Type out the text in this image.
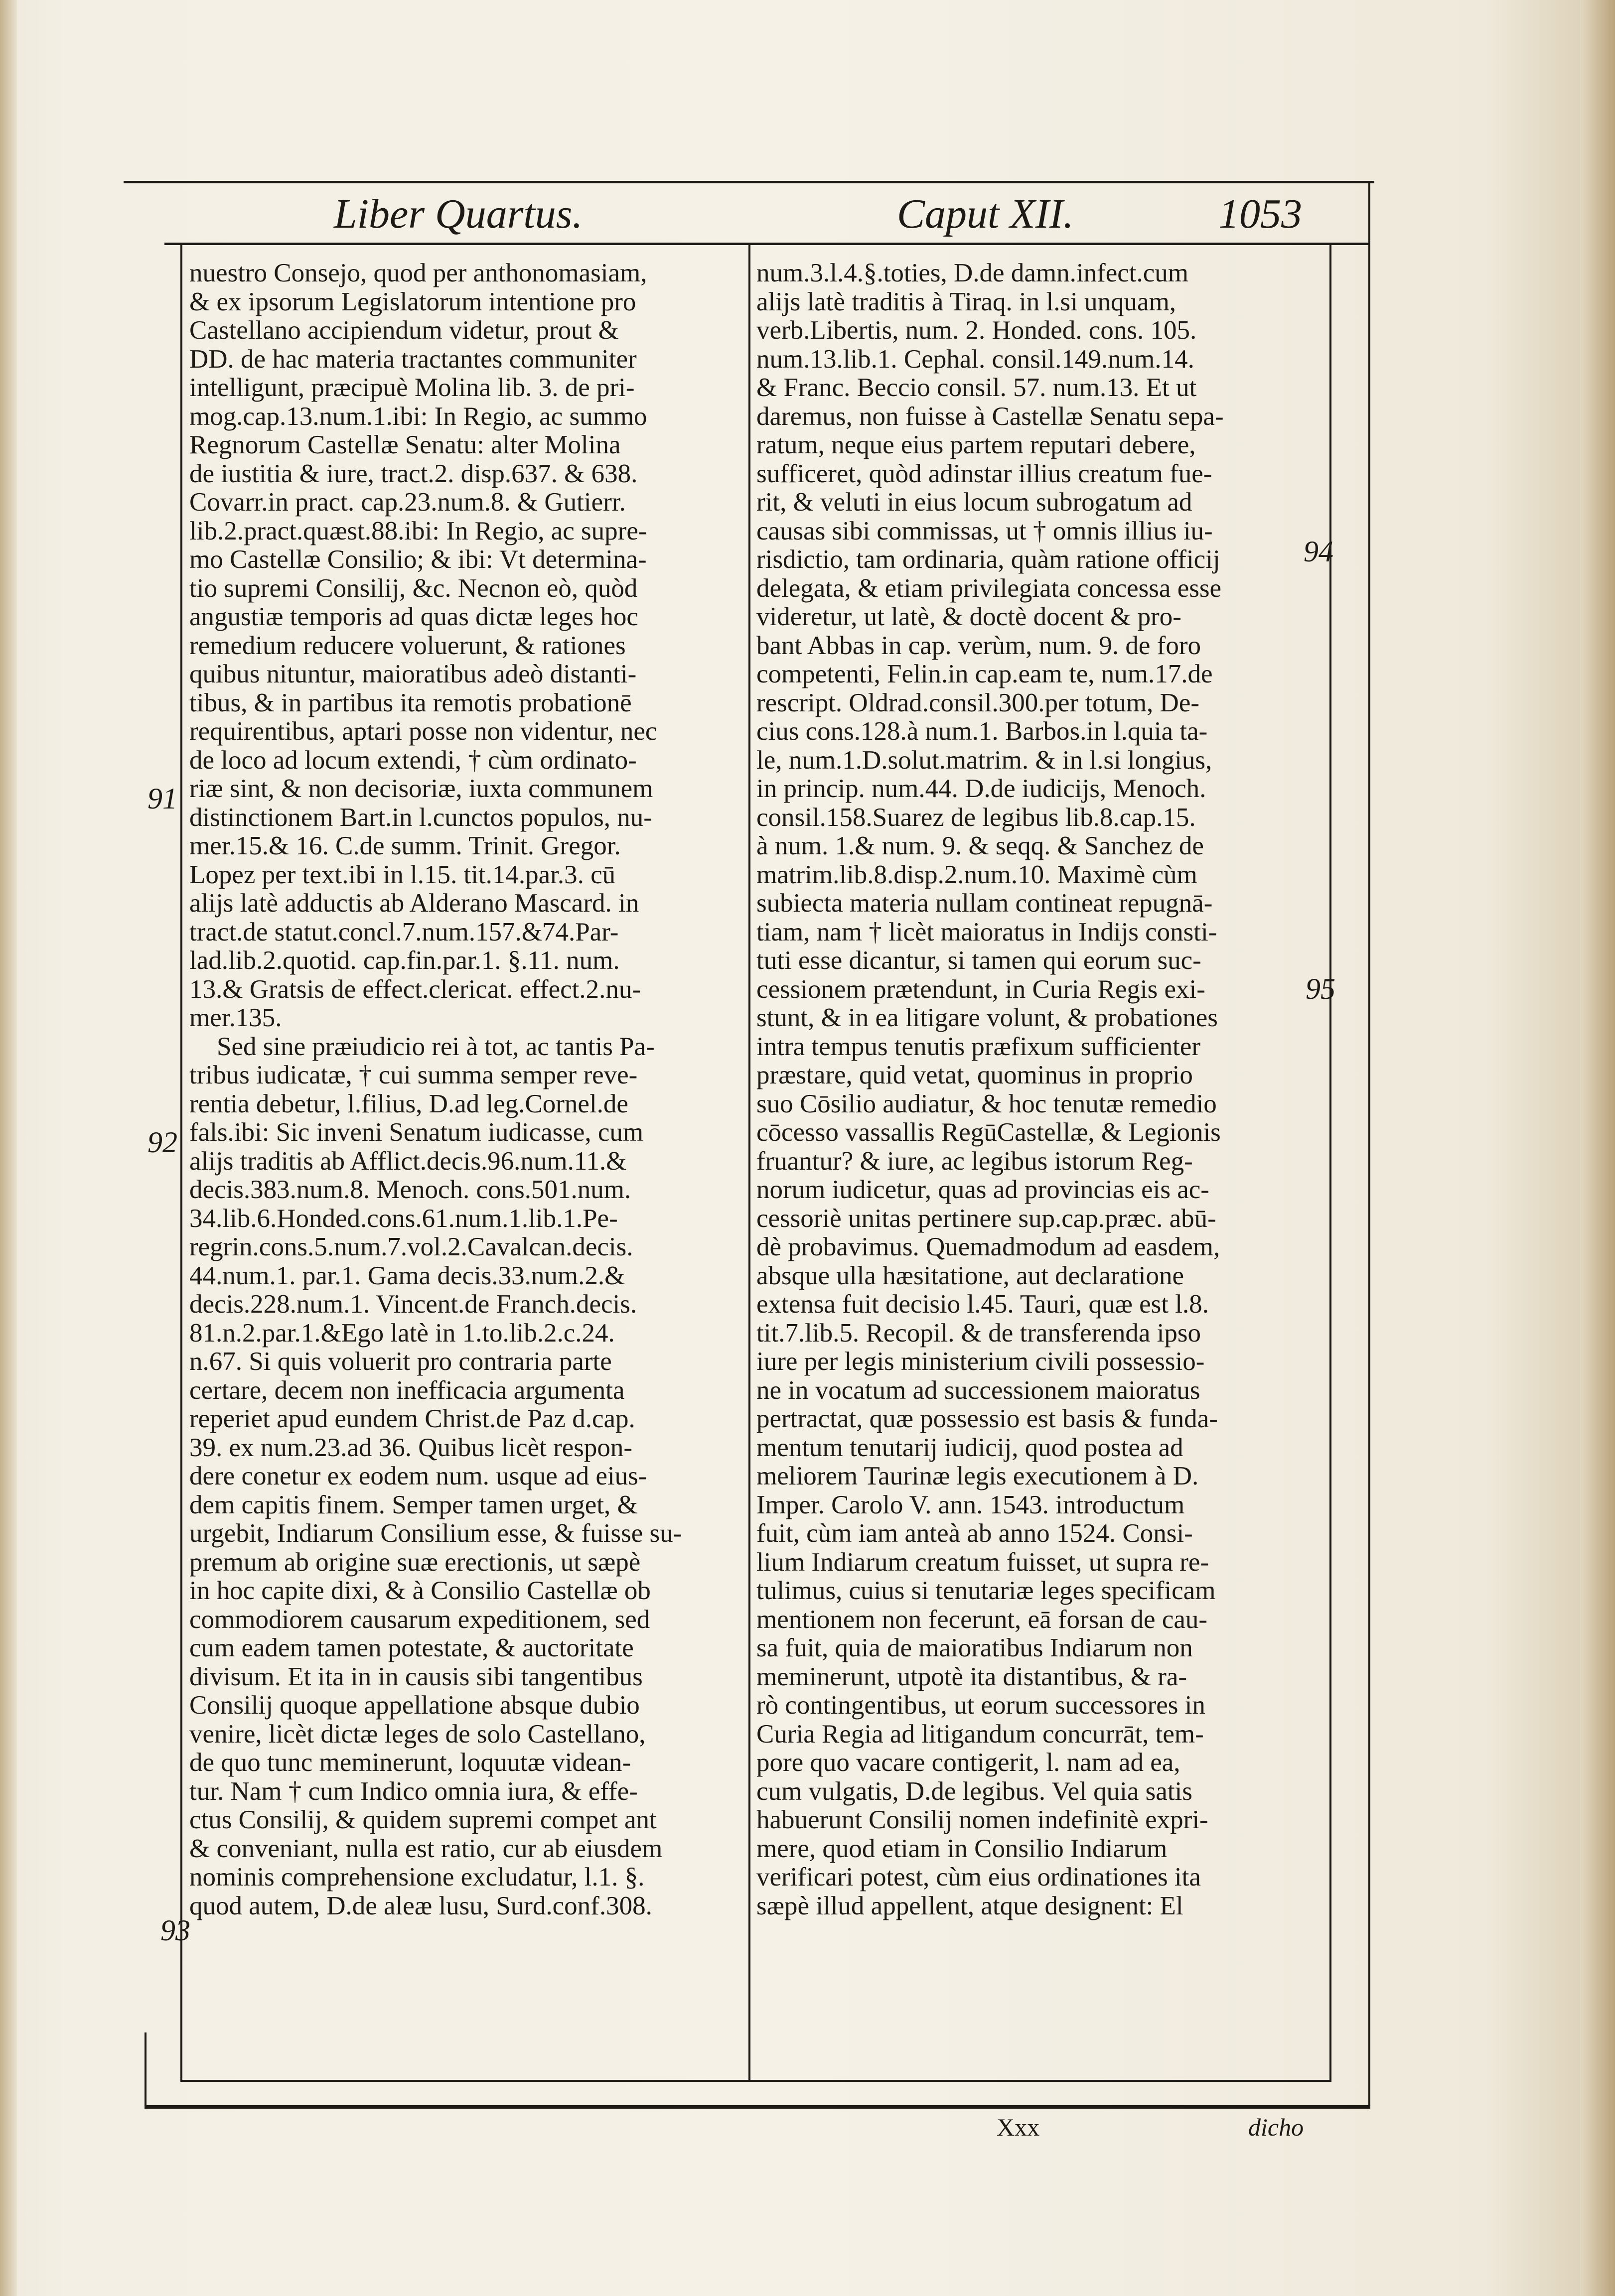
Liber Quartus.	Caput XII.	1053
nuestro Consejo, quod per anthonomasiam,
& ex ipsorum Legislatorum intentione pro
Castellano accipiendum videtur, prout &
DD. de hac materia tractantes communiter
intelligunt, præcipuè Molina lib. 3. de pri-
mog.cap.13.num.1.ibi: In Regio, ac summo
Regnorum Castellæ Senatu: alter Molina
de iustitia & iure, tract.2. disp.637. & 638.
Covarr.in pract. cap.23.num.8. & Gutierr.
lib.2.pract.quæst.88.ibi: In Regio, ac supre-
mo Castellæ Consilio; & ibi: Vt determina-
tio supremi Consilij, &c. Necnon eò, quòd
angustiæ temporis ad quas dictæ leges hoc
remedium reducere voluerunt, & rationes
quibus nituntur, maioratibus adeò distanti-
tibus, & in partibus ita remotis probationē
requirentibus, aptari posse non videntur, nec
de loco ad locum extendi, † cùm ordinato-
riæ sint, & non decisoriæ, iuxta communem
distinctionem Bart.in l.cunctos populos, nu-
mer.15.& 16. C.de summ. Trinit. Gregor.
Lopez per text.ibi in l.15. tit.14.par.3. cū
alijs latè adductis ab Alderano Mascard. in
tract.de statut.concl.7.num.157.&74.Par-
lad.lib.2.quotid. cap.fin.par.1. §.11. num.
13.& Gratsis de effect.clericat. effect.2.nu-
mer.135.
Sed sine præiudicio rei à tot, ac tantis Pa-
tribus iudicatæ, † cui summa semper reve-
rentia debetur, l.filius, D.ad leg.Cornel.de
fals.ibi: Sic inveni Senatum iudicasse, cum
alijs traditis ab Afflict.decis.96.num.11.&
decis.383.num.8. Menoch. cons.501.num.
34.lib.6.Honded.cons.61.num.1.lib.1.Pe-
regrin.cons.5.num.7.vol.2.Cavalcan.decis.
44.num.1. par.1. Gama decis.33.num.2.&
decis.228.num.1. Vincent.de Franch.decis.
81.n.2.par.1.&Ego latè in 1.to.lib.2.c.24.
n.67. Si quis voluerit pro contraria parte
certare, decem non inefficacia argumenta
reperiet apud eundem Christ.de Paz d.cap.
39. ex num.23.ad 36. Quibus licèt respon-
dere conetur ex eodem num. usque ad eius-
dem capitis finem. Semper tamen urget, &
urgebit, Indiarum Consilium esse, & fuisse su-
premum ab origine suæ erectionis, ut sæpè
in hoc capite dixi, & à Consilio Castellæ ob
commodiorem causarum expeditionem, sed
cum eadem tamen potestate, & auctoritate
divisum. Et ita in in causis sibi tangentibus
Consilij quoque appellatione absque dubio
venire, licèt dictæ leges de solo Castellano,
de quo tunc meminerunt, loquutæ videan-
tur. Nam † cum Indico omnia iura, & effe-
ctus Consilij, & quidem supremi compet ant
& conveniant, nulla est ratio, cur ab eiusdem
nominis comprehensione excludatur, l.1. §.
quod autem, D.de aleæ lusu, Surd.conf.308.
num.3.l.4.§.toties, D.de damn.infect.cum
alijs latè traditis à Tiraq. in l.si unquam,
verb.Libertis, num. 2. Honded. cons. 105.
num.13.lib.1. Cephal. consil.149.num.14.
& Franc. Beccio consil. 57. num.13. Et ut
daremus, non fuisse à Castellæ Senatu sepa-
ratum, neque eius partem reputari debere,
sufficeret, quòd adinstar illius creatum fue-
rit, & veluti in eius locum subrogatum ad
causas sibi commissas, ut † omnis illius iu-
risdictio, tam ordinaria, quàm ratione officij
delegata, & etiam privilegiata concessa esse
videretur, ut latè, & doctè docent & pro-
bant Abbas in cap. verùm, num. 9. de foro
competenti, Felin.in cap.eam te, num.17.de
rescript. Oldrad.consil.300.per totum, De-
cius cons.128.à num.1. Barbos.in l.quia ta-
le, num.1.D.solut.matrim. & in l.si longius,
in princip. num.44. D.de iudicijs, Menoch.
consil.158.Suarez de legibus lib.8.cap.15.
à num. 1.& num. 9. & seqq. & Sanchez de
matrim.lib.8.disp.2.num.10. Maximè cùm
subiecta materia nullam contineat repugnā-
tiam, nam † licèt maioratus in Indijs consti-
tuti esse dicantur, si tamen qui eorum suc-
cessionem prætendunt, in Curia Regis exi-
stunt, & in ea litigare volunt, & probationes
intra tempus tenutis præfixum sufficienter
præstare, quid vetat, quominus in proprio
suo Cōsilio audiatur, & hoc tenutæ remedio
cōcesso vassallis RegūCastellæ, & Legionis
fruantur? & iure, ac legibus istorum Reg-
norum iudicetur, quas ad provincias eis ac-
cessoriè unitas pertinere sup.cap.præc. abū-
dè probavimus. Quemadmodum ad easdem,
absque ulla hæsitatione, aut declaratione
extensa fuit decisio l.45. Tauri, quæ est l.8.
tit.7.lib.5. Recopil. & de transferenda ipso
iure per legis ministerium civili possessio-
ne in vocatum ad successionem maioratus
pertractat, quæ possessio est basis & funda-
mentum tenutarij iudicij, quod postea ad
meliorem Taurinæ legis executionem à D.
Imper. Carolo V. ann. 1543. introductum
fuit, cùm iam anteà ab anno 1524. Consi-
lium Indiarum creatum fuisset, ut supra re-
tulimus, cuius si tenutariæ leges specificam
mentionem non fecerunt, eā forsan de cau-
sa fuit, quia de maioratibus Indiarum non
meminerunt, utpotè ita distantibus, & ra-
rò contingentibus, ut eorum successores in
Curia Regia ad litigandum concurrāt, tem-
pore quo vacare contigerit, l. nam ad ea,
cum vulgatis, D.de legibus. Vel quia satis
habuerunt Consilij nomen indefinitè expri-
mere, quod etiam in Consilio Indiarum
verificari potest, cùm eius ordinationes ita
sæpè illud appellent, atque designent: El
91
92
93
94
95
Xxx	dicho
